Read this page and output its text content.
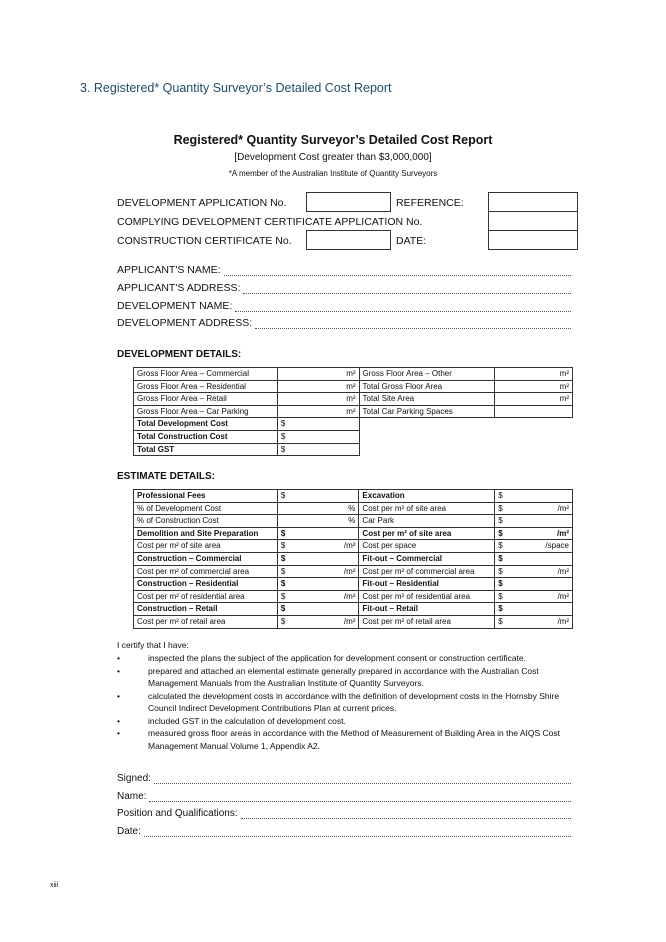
3. Registered* Quantity Surveyor’s Detailed Cost Report
Registered* Quantity Surveyor’s Detailed Cost Report
[Development Cost greater than $3,000,000]
*A member of the Australian Institute of Quantity Surveyors
DEVELOPMENT APPLICATION No.	REFERENCE:
COMPLYING DEVELOPMENT CERTIFICATE APPLICATION No.
CONSTRUCTION CERTIFICATE No.	DATE:
APPLICANT'S NAME:
APPLICANT'S ADDRESS:
DEVELOPMENT NAME:
DEVELOPMENT ADDRESS:
DEVELOPMENT DETAILS:
Gross Floor Area – Commercial	m²	Gross Floor Area – Other	m²
Gross Floor Area – Residential	m²	Total Gross Floor Area	m²
Gross Floor Area – Retail	m²	Total Site Area	m²
Gross Floor Area – Car Parking	m²	Total Car Parking Spaces	
Total Development Cost	$		
Total Construction Cost	$		
Total GST	$		
ESTIMATE DETAILS:
Professional Fees	$	Excavation	$
% of Development Cost	%	Cost per m² of site area	$ /m²

% of Construction Cost	%	Car Park	$
Demolition and Site Preparation	$	Cost per m² of site area	$ /m²

Cost per m² of site area	$ /m²	Cost per space	$ /space

Construction – Commercial	$	Fit-out – Commercial	$
Cost per m² of commercial area	$ /m²	Cost per m² of commercial area	$ /m²

Construction – Residential	$	Fit-out – Residential	$
Cost per m² of residential area	$ /m²	Cost per m² of residential area	$ /m²

Construction – Retail	$	Fit-out – Retail	$
Cost per m² of retail area	$ /m²	Cost per m² of retail area	$ /m²
I certify that I have:
•	inspected the plans the subject of the application for development consent or construction certificate.
•	prepared and attached an elemental estimate generally prepared in accordance with the Australian Cost Management Manuals from the Australian Institute of Quantity Surveyors.
•	calculated the development costs in accordance with the definition of development costs in the Hornsby Shire Council Indirect Development Contributions Plan at current prices.
•	included GST in the calculation of development cost.
•	measured gross floor areas in accordance with the Method of Measurement of Building Area in the AIQS Cost Management Manual Volume 1, Appendix A2.
Signed:
Name:
Position and Qualifications:
Date:
xiii
